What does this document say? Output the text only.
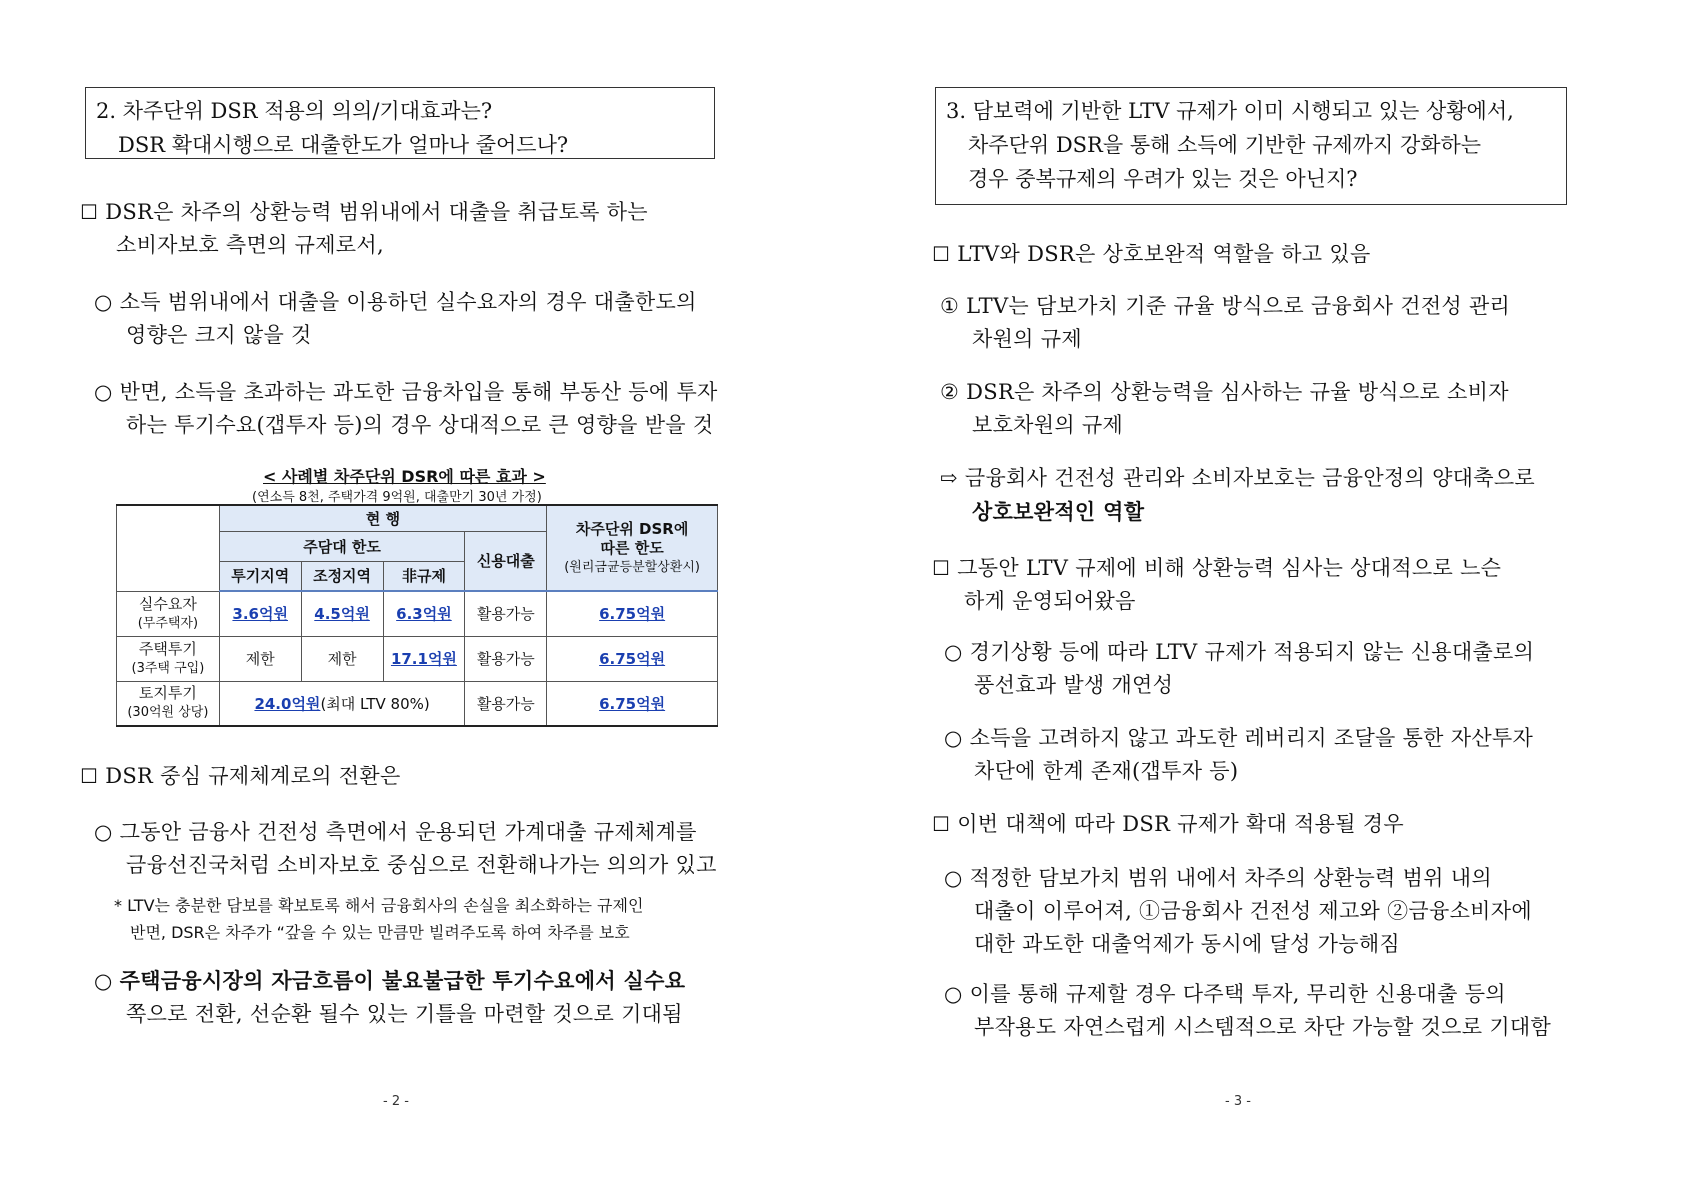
2. 차주단위 DSR 적용의 의의/기대효과는?
DSR 확대시행으로 대출한도가 얼마나 줄어드나?
☐ DSR은 차주의 상환능력 범위내에서 대출을 취급토록 하는
소비자보호 측면의 규제로서,
○ 소득 범위내에서 대출을 이용하던 실수요자의 경우 대출한도의
영향은 크지 않을 것
○ 반면, 소득을 초과하는 과도한 금융차입을 통해 부동산 등에 투자
하는 투기수요(갭투자 등)의 경우 상대적으로 큰 영향을 받을 것
< 사례별 차주단위 DSR에 따른 효과 >
(연소득 8천, 주택가격 9억원, 대출만기 30년 가정)
	현 행				차주단위 DSR에 따른 한도
(원리금균등분할상환시)

	주담대 한도			신용대출	
	투기지역	조정지역	非규제		

실수요자
(무주택자)	3.6억원	4.5억원	6.3억원	활용가능	6.75억원

주택투기
(3주택 구입)	제한	제한	17.1억원	활용가능	6.75억원

토지투기
(30억원 상당)	24.0억원(최대 LTV 80%)			활용가능	6.75억원
☐ DSR 중심 규제체계로의 전환은
○ 그동안 금융사 건전성 측면에서 운용되던 가계대출 규제체계를
금융선진국처럼 소비자보호 중심으로 전환해나가는 의의가 있고
* LTV는 충분한 담보를 확보토록 해서 금융회사의 손실을 최소화하는 규제인
반면, DSR은 차주가 “갚을 수 있는 만큼만 빌려주도록 하여 차주를 보호
○ 주택금융시장의 자금흐름이 불요불급한 투기수요에서 실수요
쪽으로 전환, 선순환 될수 있는 기틀을 마련할 것으로 기대됨
- 2 -
3. 담보력에 기반한 LTV 규제가 이미 시행되고 있는 상황에서,
차주단위 DSR을 통해 소득에 기반한 규제까지 강화하는
경우 중복규제의 우려가 있는 것은 아닌지?
☐ LTV와 DSR은 상호보완적 역할을 하고 있음
① LTV는 담보가치 기준 규율 방식으로 금융회사 건전성 관리
차원의 규제
② DSR은 차주의 상환능력을 심사하는 규율 방식으로 소비자
보호차원의 규제
⇨ 금융회사 건전성 관리와 소비자보호는 금융안정의 양대축으로
상호보완적인 역할
☐ 그동안 LTV 규제에 비해 상환능력 심사는 상대적으로 느슨
하게 운영되어왔음
○ 경기상황 등에 따라 LTV 규제가 적용되지 않는 신용대출로의
풍선효과 발생 개연성
○ 소득을 고려하지 않고 과도한 레버리지 조달을 통한 자산투자
차단에 한계 존재(갭투자 등)
☐ 이번 대책에 따라 DSR 규제가 확대 적용될 경우
○ 적정한 담보가치 범위 내에서 차주의 상환능력 범위 내의
대출이 이루어져, ①금융회사 건전성 제고와 ②금융소비자에
대한 과도한 대출억제가 동시에 달성 가능해짐
○ 이를 통해 규제할 경우 다주택 투자, 무리한 신용대출 등의
부작용도 자연스럽게 시스템적으로 차단 가능할 것으로 기대함
- 3 -
